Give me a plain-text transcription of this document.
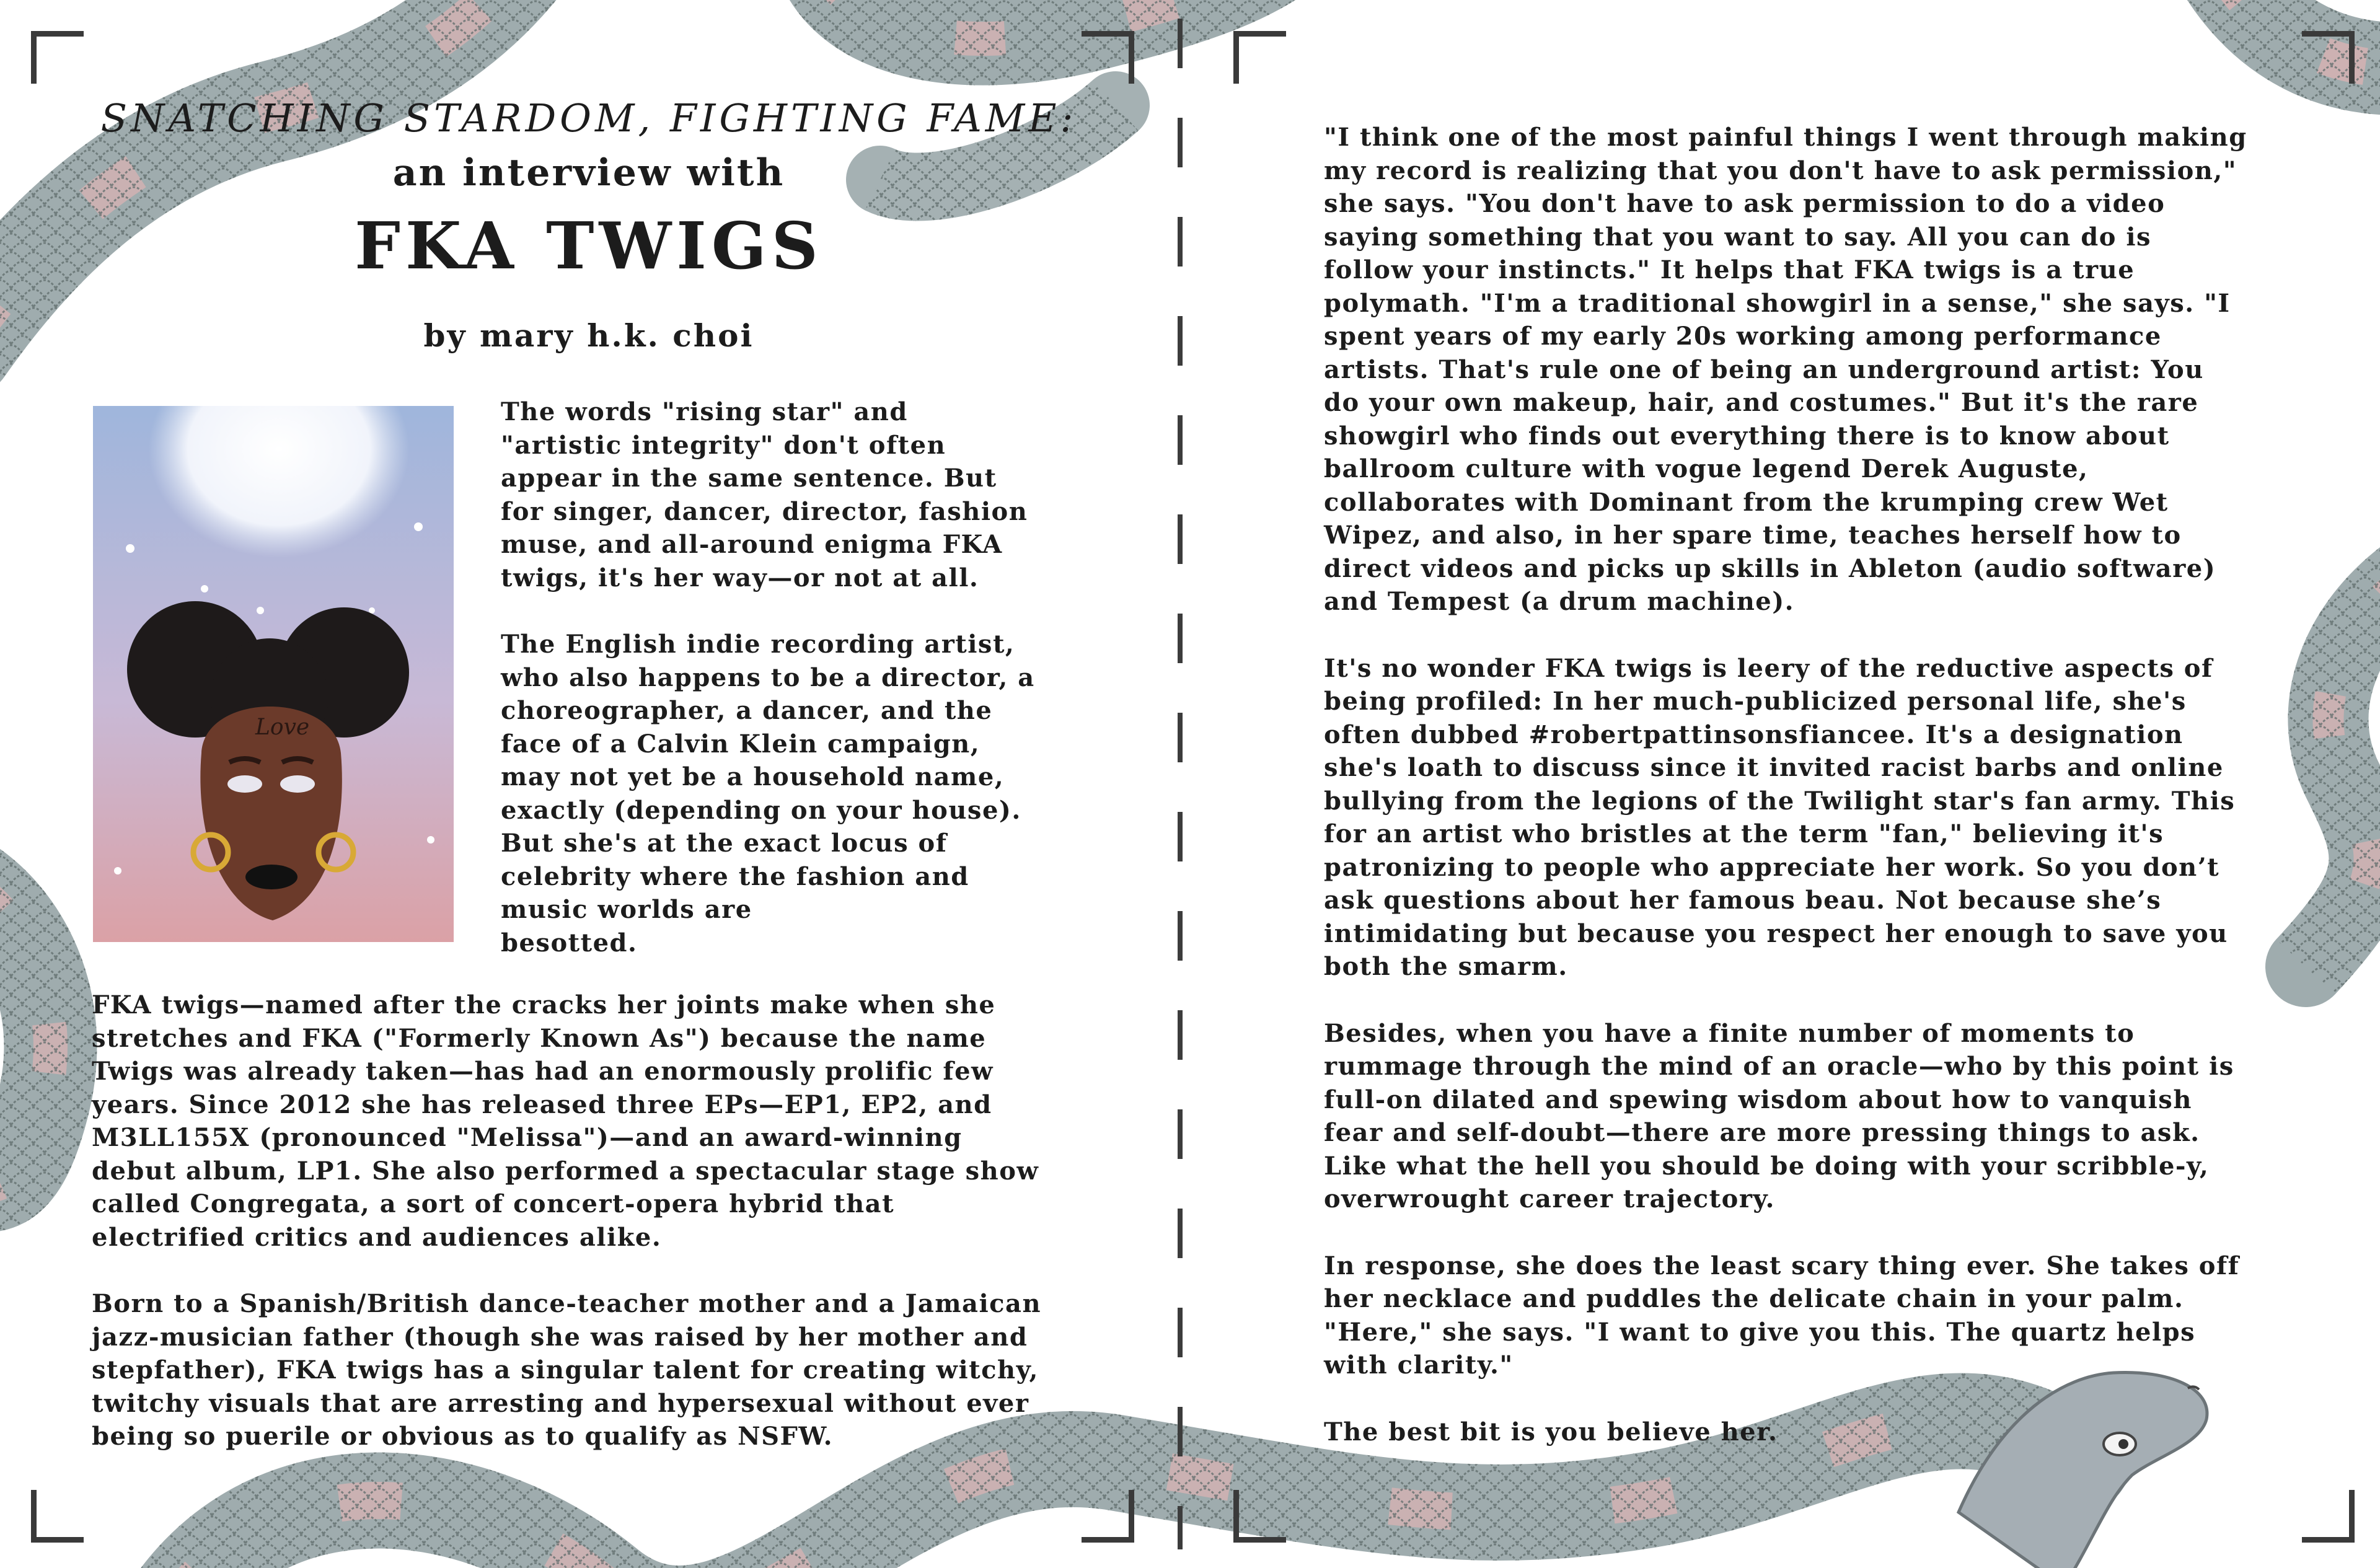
SNATCHING STARDOM, FIGHTING FAME:

an interview with

FKA TWIGS

by mary h.k. choi

Love

The words "rising star" and
"artistic integrity" don't often
appear in the same sentence. But
for singer, dancer, director, fashion
muse, and all-around enigma FKA
twigs, it's her way—or not at all.

The English indie recording artist,
who also happens to be a director, a
choreographer, a dancer, and the
face of a Calvin Klein campaign,
may not yet be a household name,
exactly (depending on your house).
But she's at the exact locus of
celebrity where the fashion and
music worlds are
besotted.

FKA twigs—named after the cracks her joints make when she
stretches and FKA ("Formerly Known As") because the name
Twigs was already taken—has had an enormously prolific few
years. Since 2012 she has released three EPs—EP1, EP2, and
M3LL155X (pronounced "Melissa")—and an award-winning
debut album, LP1. She also performed a spectacular stage show
called Congregata, a sort of concert-opera hybrid that
electrified critics and audiences alike.

Born to a Spanish/British dance-teacher mother and a Jamaican
jazz-musician father (though she was raised by her mother and
stepfather), FKA twigs has a singular talent for creating witchy,
twitchy visuals that are arresting and hypersexual without ever
being so puerile or obvious as to qualify as NSFW.

"I think one of the most painful things I went through making
my record is realizing that you don't have to ask permission,"
she says. "You don't have to ask permission to do a video
saying something that you want to say. All you can do is
follow your instincts." It helps that FKA twigs is a true
polymath. "I'm a traditional showgirl in a sense," she says. "I
spent years of my early 20s working among performance
artists. That's rule one of being an underground artist: You
do your own makeup, hair, and costumes." But it's the rare
showgirl who finds out everything there is to know about
ballroom culture with vogue legend Derek Auguste,
collaborates with Dominant from the krumping crew Wet
Wipez, and also, in her spare time, teaches herself how to
direct videos and picks up skills in Ableton (audio software)
and Tempest (a drum machine).

It's no wonder FKA twigs is leery of the reductive aspects of
being profiled: In her much-publicized personal life, she's
often dubbed #robertpattinsonsfiancee. It's a designation
she's loath to discuss since it invited racist barbs and online
bullying from the legions of the Twilight star's fan army. This
for an artist who bristles at the term "fan," believing it's
patronizing to people who appreciate her work. So you don’t
ask questions about her famous beau. Not because she’s
intimidating but because you respect her enough to save you
both the smarm.

Besides, when you have a finite number of moments to
rummage through the mind of an oracle—who by this point is
full-on dilated and spewing wisdom about how to vanquish
fear and self-doubt—there are more pressing things to ask.
Like what the hell you should be doing with your scribble-y,
overwrought career trajectory.

In response, she does the least scary thing ever. She takes off
her necklace and puddles the delicate chain in your palm.
"Here," she says. "I want to give you this. The quartz helps
with clarity."

The best bit is you believe her.
